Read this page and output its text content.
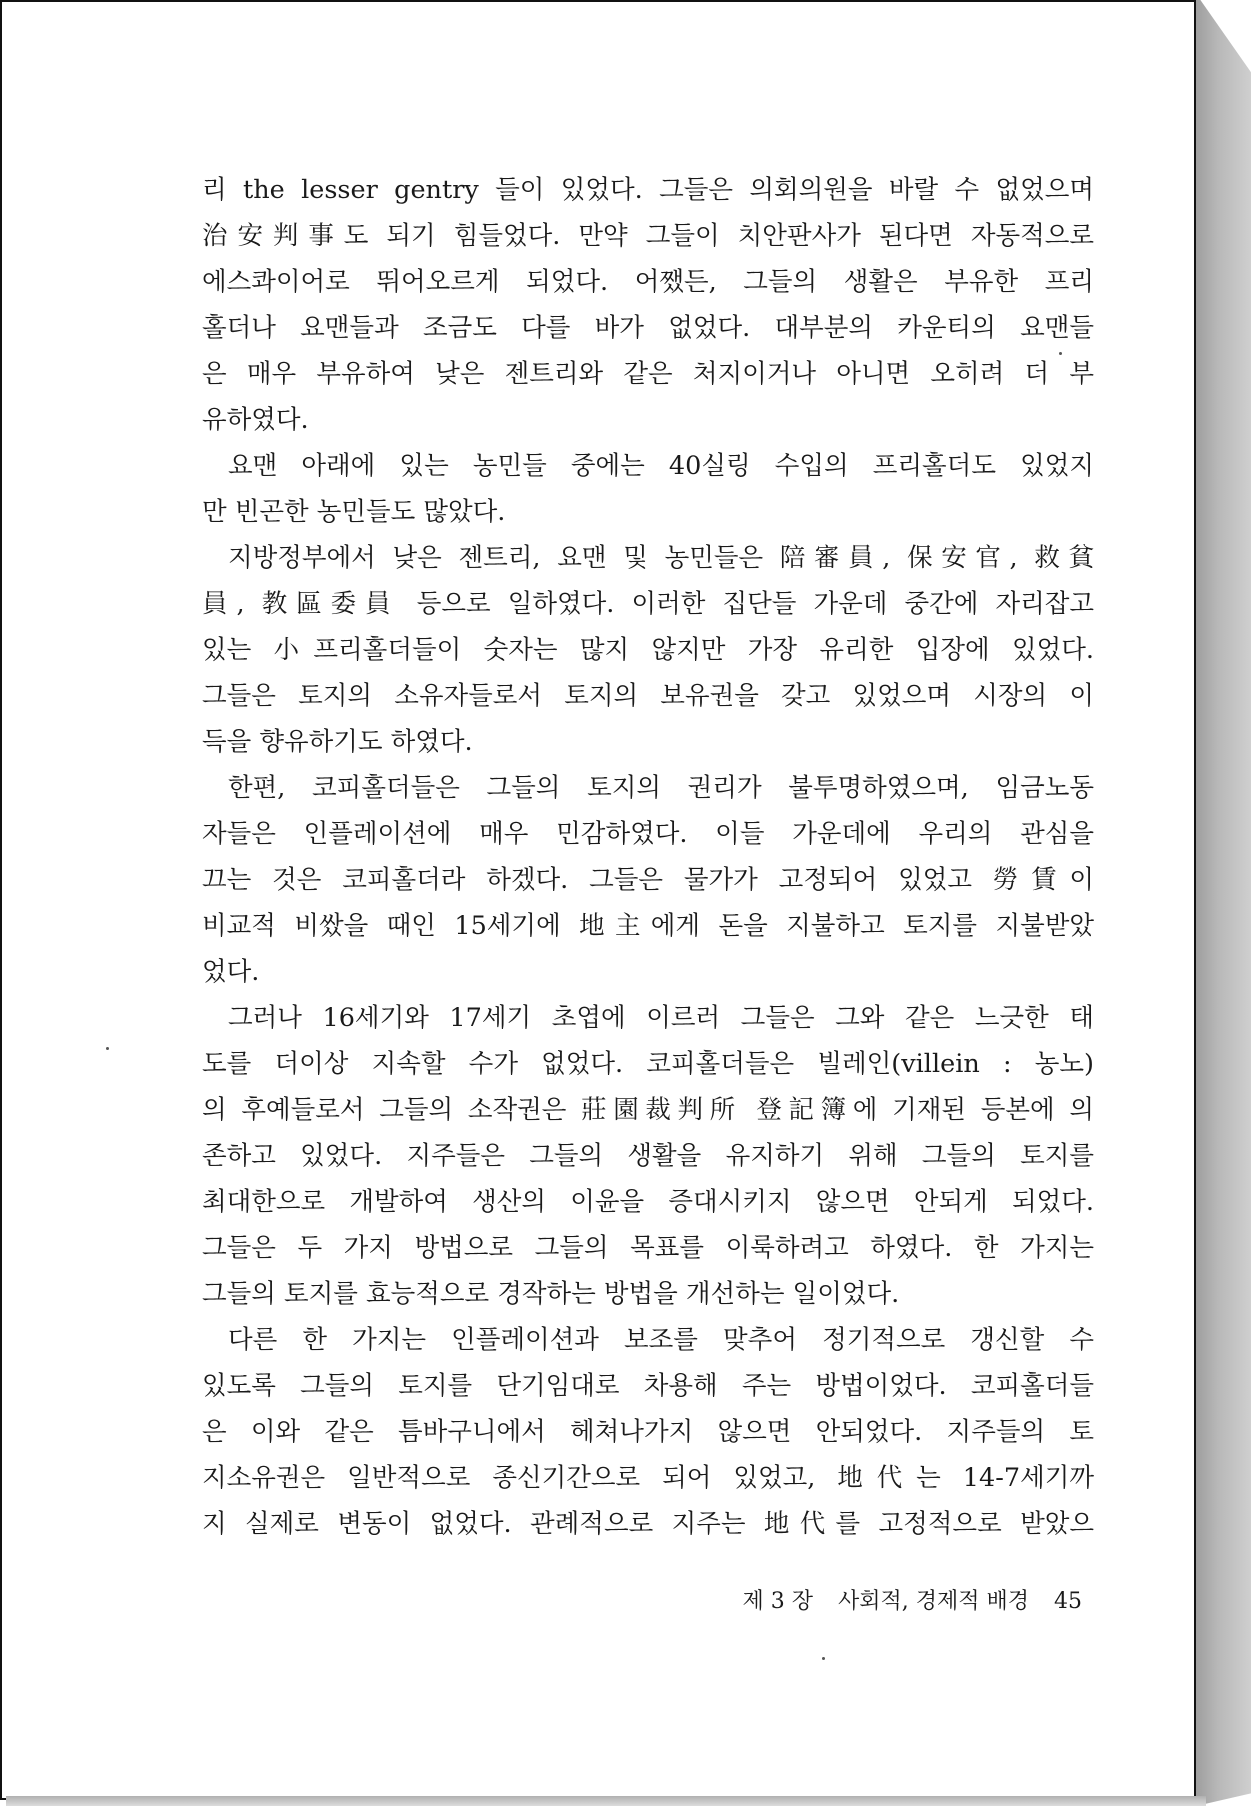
리 the lesser gentry 들이 있었다. 그들은 의회의원을 바랄 수 없었으며
治安判事도 되기 힘들었다. 만약 그들이 치안판사가 된다면 자동적으로
에스콰이어로 뛰어오르게 되었다. 어쨌든, 그들의 생활은 부유한 프리
홀더나 요맨들과 조금도 다를 바가 없었다. 대부분의 카운티의 요맨들
은 매우 부유하여 낮은 젠트리와 같은 처지이거나 아니면 오히려 더 부
유하였다.
요맨 아래에 있는 농민들 중에는 40실링 수입의 프리홀더도 있었지
만 빈곤한 농민들도 많았다.
지방정부에서 낮은 젠트리, 요맨 및 농민들은 陪審員, 保安官, 救貧
員, 教區委員 등으로 일하였다. 이러한 집단들 가운데 중간에 자리잡고
있는 小프리홀더들이 숫자는 많지 않지만 가장 유리한 입장에 있었다.
그들은 토지의 소유자들로서 토지의 보유권을 갖고 있었으며 시장의 이
득을 향유하기도 하였다.
한편, 코피홀더들은 그들의 토지의 권리가 불투명하였으며, 임금노동
자들은 인플레이션에 매우 민감하였다. 이들 가운데에 우리의 관심을
끄는 것은 코피홀더라 하겠다. 그들은 물가가 고정되어 있었고 勞賃이
비교적 비쌌을 때인 15세기에 地主에게 돈을 지불하고 토지를 지불받았
었다.
그러나 16세기와 17세기 초엽에 이르러 그들은 그와 같은 느긋한 태
도를 더이상 지속할 수가 없었다. 코피홀더들은 빌레인(villein : 농노)
의 후예들로서 그들의 소작권은 莊園裁判所 登記簿에 기재된 등본에 의
존하고 있었다. 지주들은 그들의 생활을 유지하기 위해 그들의 토지를
최대한으로 개발하여 생산의 이윤을 증대시키지 않으면 안되게 되었다.
그들은 두 가지 방법으로 그들의 목표를 이룩하려고 하였다. 한 가지는
그들의 토지를 효능적으로 경작하는 방법을 개선하는 일이었다.
다른 한 가지는 인플레이션과 보조를 맞추어 정기적으로 갱신할 수
있도록 그들의 토지를 단기임대로 차용해 주는 방법이었다. 코피홀더들
은 이와 같은 틈바구니에서 헤쳐나가지 않으면 안되었다. 지주들의 토
지소유권은 일반적으로 종신기간으로 되어 있었고, 地代는 14-7세기까
지 실제로 변동이 없었다. 관례적으로 지주는 地代를 고정적으로 받았으
제 3 장 사회적, 경제적 배경 45
